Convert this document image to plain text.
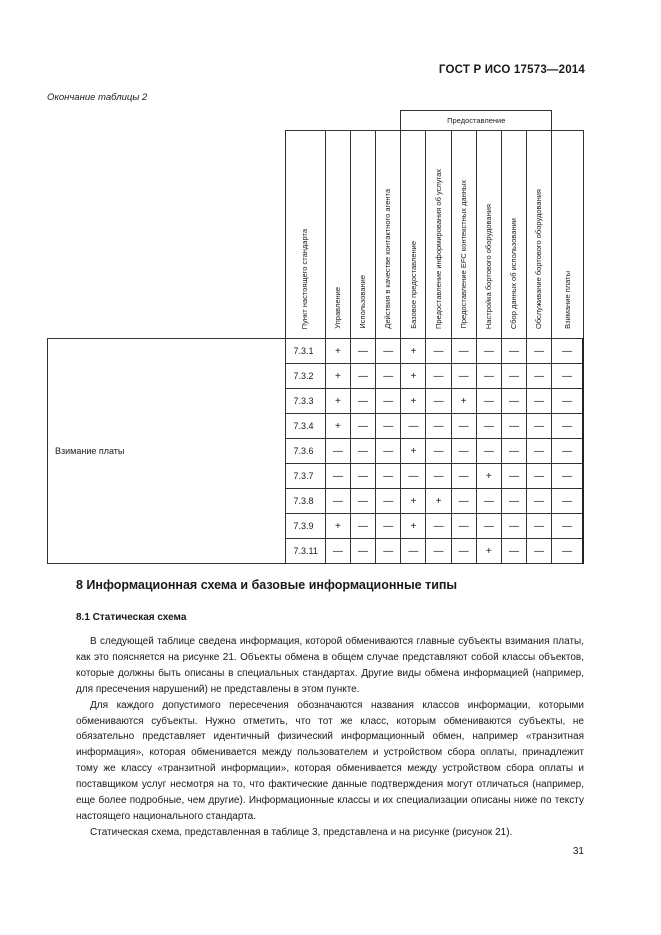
ГОСТ Р ИСО 17573—2014
Окончание таблицы 2
					Предоставление						
	Пункт настоящего стандарта	Управление	Использование	Действия в качестве контактного агента	Базовое предоставление	Предоставление информирования об услугах	Предоставление EFC контекстных данных	Настройка бортового оборудования	Сбор данных об использовании	Обслуживание бортового оборудования	Взимание платы
Взимание платы	7.3.1	+	—	—	+	—	—	—	—	—	—
	7.3.2	+	—	—	+	—	—	—	—	—	—
	7.3.3	+	—	—	+	—	+	—	—	—	—
	7.3.4	+	—	—	—	—	—	—	—	—	—
	7.3.6	—	—	—	+	—	—	—	—	—	—
	7.3.7	—	—	—	—	—	—	+	—	—	—
	7.3.8	—	—	—	+	+	—	—	—	—	—
	7.3.9	+	—	—	+	—	—	—	—	—	—
	7.3.11	—	—	—	—	—	—	+	—	—	—
8 Информационная схема и базовые информационные типы
8.1 Статическая схема

В следующей таблице сведена информация, которой обмениваются главные субъекты взимания платы, как это поясняется на рисунке 21. Объекты обмена в общем случае представляют собой классы объектов, которые должны быть описаны в специальных стандартах. Другие виды обмена информацией (например, для пресечения нарушений) не представлены в этом пункте.

Для каждого допустимого пересечения обозначаются названия классов информации, которыми обмениваются субъекты. Нужно отметить, что тот же класс, которым обмениваются субъекты, не обязательно представляет идентичный физический информационный обмен, например «транзитная информация», которая обменивается между пользователем и устройством сбора оплаты, принадлежит тому же классу «транзитной информации», которая обменивается между устройством сбора оплаты и поставщиком услуг несмотря на то, что фактические данные подтверждения могут отличаться (например, еще более подробные, чем другие). Информационные классы и их специализации описаны ниже по тексту настоящего национального стандарта.

Статическая схема, представленная в таблице 3, представлена и на рисунке (рисунок 21).

31
